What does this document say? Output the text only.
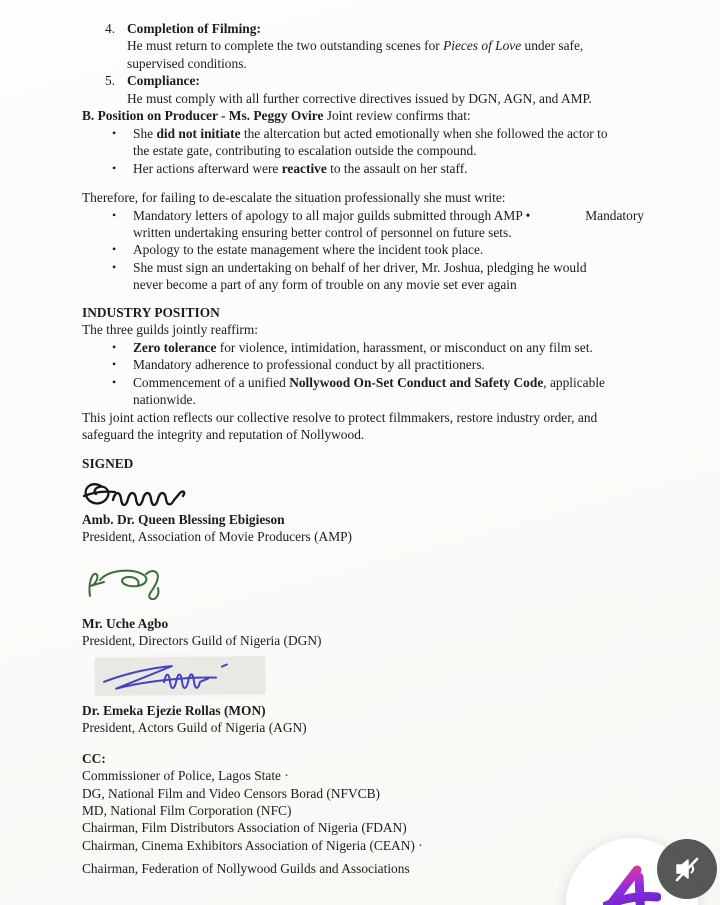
4. Completion of Filming:
He must return to complete the two outstanding scenes for Pieces of Love under safe,
supervised conditions.
5. Compliance:
He must comply with all further corrective directives issued by DGN, AGN, and AMP.
B. Position on Producer - Ms. Peggy Ovire Joint review confirms that:
•	She did not initiate the altercation but acted emotionally when she followed the actor to
the estate gate, contributing to escalation outside the compound.
•	Her actions afterward were reactive to the assault on her staff.
Therefore, for failing to de-escalate the situation professionally she must write:
•	Mandatory letters of apology to all major guilds submitted through AMP •	Mandatory
written undertaking ensuring better control of personnel on future sets.
•	Apology to the estate management where the incident took place.
•	She must sign an undertaking on behalf of her driver, Mr. Joshua, pledging he would
never become a part of any form of trouble on any movie set ever again
INDUSTRY POSITION
The three guilds jointly reaffirm:
•	Zero tolerance for violence, intimidation, harassment, or misconduct on any film set.
•	Mandatory adherence to professional conduct by all practitioners.
•	Commencement of a unified Nollywood On-Set Conduct and Safety Code, applicable
nationwide.
This joint action reflects our collective resolve to protect filmmakers, restore industry order, and
safeguard the integrity and reputation of Nollywood.
SIGNED
Amb. Dr. Queen Blessing Ebigieson
President, Association of Movie Producers (AMP)
Mr. Uche Agbo
President, Directors Guild of Nigeria (DGN)
Dr. Emeka Ejezie Rollas (MON)
President, Actors Guild of Nigeria (AGN)
CC:
Commissioner of Police, Lagos State ·
DG, National Film and Video Censors Borad (NFVCB)
MD, National Film Corporation (NFC)
Chairman, Film Distributors Association of Nigeria (FDAN)
Chairman, Cinema Exhibitors Association of Nigeria (CEAN) ·
Chairman, Federation of Nollywood Guilds and Associations
